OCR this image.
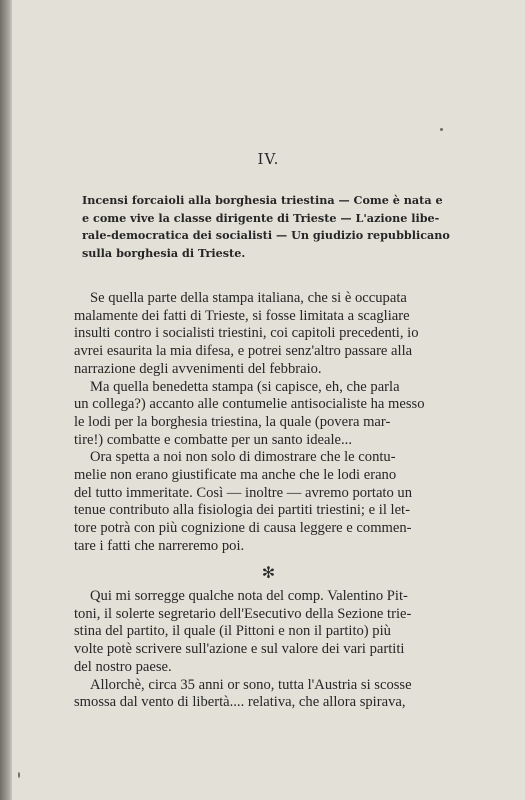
IV.
Incensi forcaioli alla borghesia triestina — Come è nata e
e come vive la classe dirigente di Trieste — L'azione libe-
rale-democratica dei socialisti — Un giudizio repubblicano
sulla borghesia di Trieste.
Se quella parte della stampa italiana, che si è occupata
malamente dei fatti di Trieste, si fosse limitata a scagliare
insulti contro i socialisti triestini, coi capitoli precedenti, io
avrei esaurita la mia difesa, e potrei senz'altro passare alla
narrazione degli avvenimenti del febbraio.
Ma quella benedetta stampa (si capisce, eh, che parla
un collega?) accanto alle contumelie antisocialiste ha messo
le lodi per la borghesia triestina, la quale (povera mar-
tire!) combatte e combatte per un santo ideale...
Ora spetta a noi non solo di dimostrare che le contu-
melie non erano giustificate ma anche che le lodi erano
del tutto immeritate. Così — inoltre — avremo portato un
tenue contributo alla fisiologia dei partiti triestini; e il let-
tore potrà con più cognizione di causa leggere e commen-
tare i fatti che narreremo poi.
✻
Qui mi sorregge qualche nota del comp. Valentino Pit-
toni, il solerte segretario dell'Esecutivo della Sezione trie-
stina del partito, il quale (il Pittoni e non il partito) più
volte potè scrivere sull'azione e sul valore dei vari partiti
del nostro paese.
Allorchè, circa 35 anni or sono, tutta l'Austria si scosse
smossa dal vento di libertà.... relativa, che allora spirava,
